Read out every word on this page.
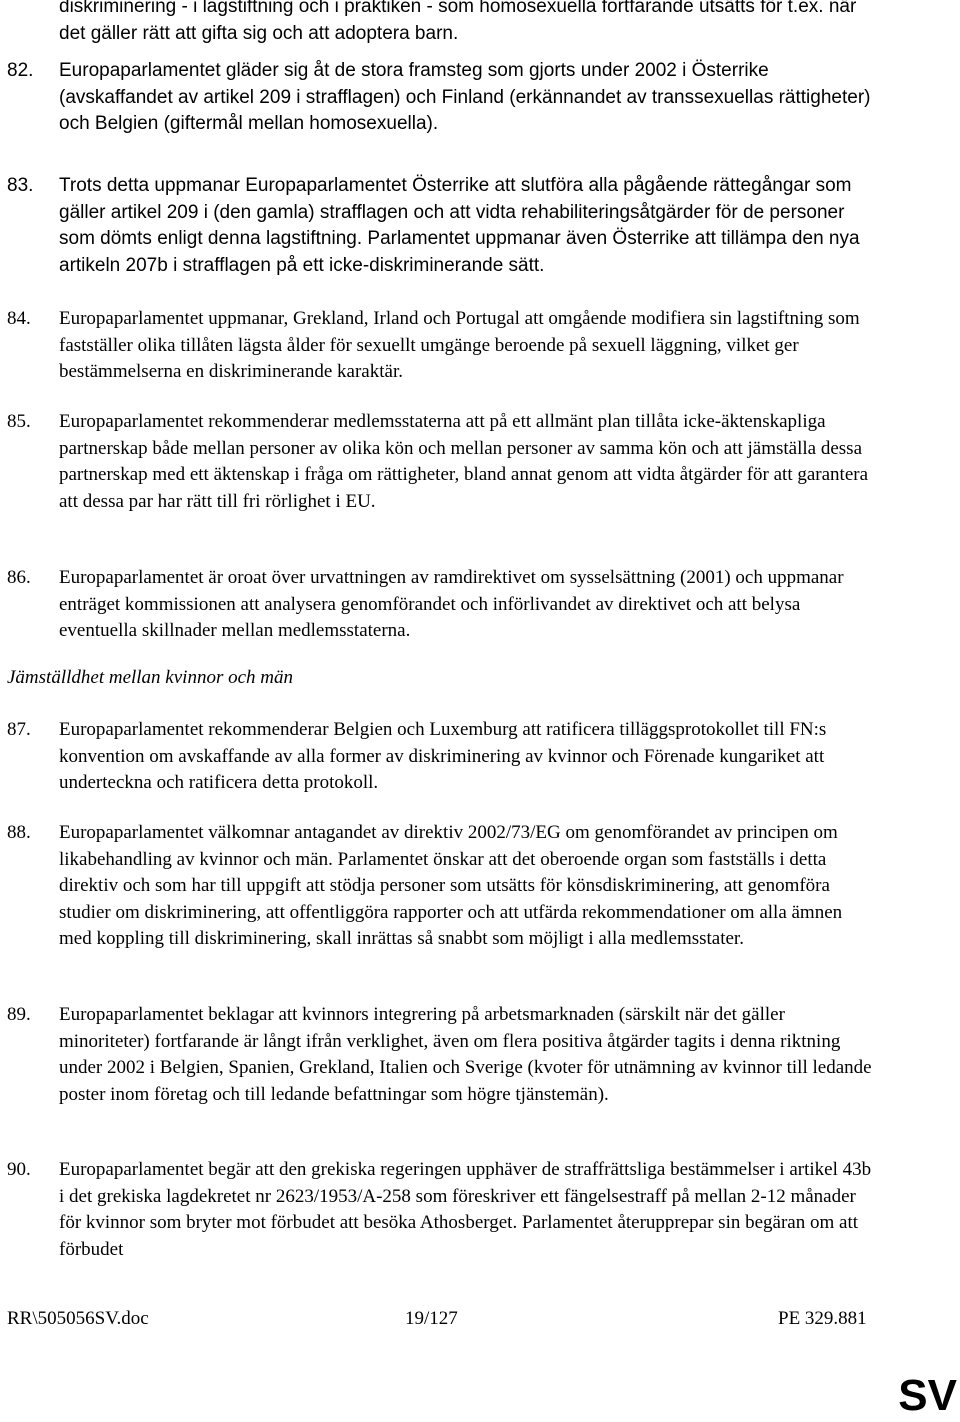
diskriminering - i lagstiftning och i praktiken - som homosexuella fortfarande utsätts för t.ex. när det gäller rätt att gifta sig och att adoptera barn.
82. Europaparlamentet gläder sig åt de stora framsteg som gjorts under 2002 i Österrike (avskaffandet av artikel 209 i strafflagen) och Finland (erkännandet av transsexuellas rättigheter) och Belgien (giftermål mellan homosexuella).
83. Trots detta uppmanar Europaparlamentet Österrike att slutföra alla pågående rättegångar som gäller artikel 209 i (den gamla) strafflagen och att vidta rehabiliteringsåtgärder för de personer som dömts enligt denna lagstiftning. Parlamentet uppmanar även Österrike att tillämpa den nya artikeln 207b i strafflagen på ett icke-diskriminerande sätt.
84. Europaparlamentet uppmanar, Grekland, Irland och Portugal att omgående modifiera sin lagstiftning som fastställer olika tillåten lägsta ålder för sexuellt umgänge beroende på sexuell läggning, vilket ger bestämmelserna en diskriminerande karaktär.
85. Europaparlamentet rekommenderar medlemsstaterna att på ett allmänt plan tillåta icke-äktenskapliga partnerskap både mellan personer av olika kön och mellan personer av samma kön och att jämställa dessa partnerskap med ett äktenskap i fråga om rättigheter, bland annat genom att vidta åtgärder för att garantera att dessa par har rätt till fri rörlighet i EU.
86. Europaparlamentet är oroat över urvattningen av ramdirektivet om sysselsättning (2001) och uppmanar enträget kommissionen att analysera genomförandet och införlivandet av direktivet och att belysa eventuella skillnader mellan medlemsstaterna.
Jämställdhet mellan kvinnor och män
87. Europaparlamentet rekommenderar Belgien och Luxemburg att ratificera tilläggsprotokollet till FN:s konvention om avskaffande av alla former av diskriminering av kvinnor och Förenade kungariket att underteckna och ratificera detta protokoll.
88. Europaparlamentet välkomnar antagandet av direktiv 2002/73/EG om genomförandet av principen om likabehandling av kvinnor och män. Parlamentet önskar att det oberoende organ som fastställs i detta direktiv och som har till uppgift att stödja personer som utsätts för könsdiskriminering, att genomföra studier om diskriminering, att offentliggöra rapporter och att utfärda rekommendationer om alla ämnen med koppling till diskriminering, skall inrättas så snabbt som möjligt i alla medlemsstater.
89. Europaparlamentet beklagar att kvinnors integrering på arbetsmarknaden (särskilt när det gäller minoriteter) fortfarande är långt ifrån verklighet, även om flera positiva åtgärder tagits i denna riktning under 2002 i Belgien, Spanien, Grekland, Italien och Sverige (kvoter för utnämning av kvinnor till ledande poster inom företag och till ledande befattningar som högre tjänstemän).
90. Europaparlamentet begär att den grekiska regeringen upphäver de straffrättsliga bestämmelser i artikel 43b i det grekiska lagdekretet nr 2623/1953/A-258 som föreskriver ett fängelsestraff på mellan 2-12 månader för kvinnor som bryter mot förbudet att besöka Athosberget. Parlamentet återupprepar sin begäran om att förbudet
RR\505056SV.doc	19/127	PE 329.881
SV
